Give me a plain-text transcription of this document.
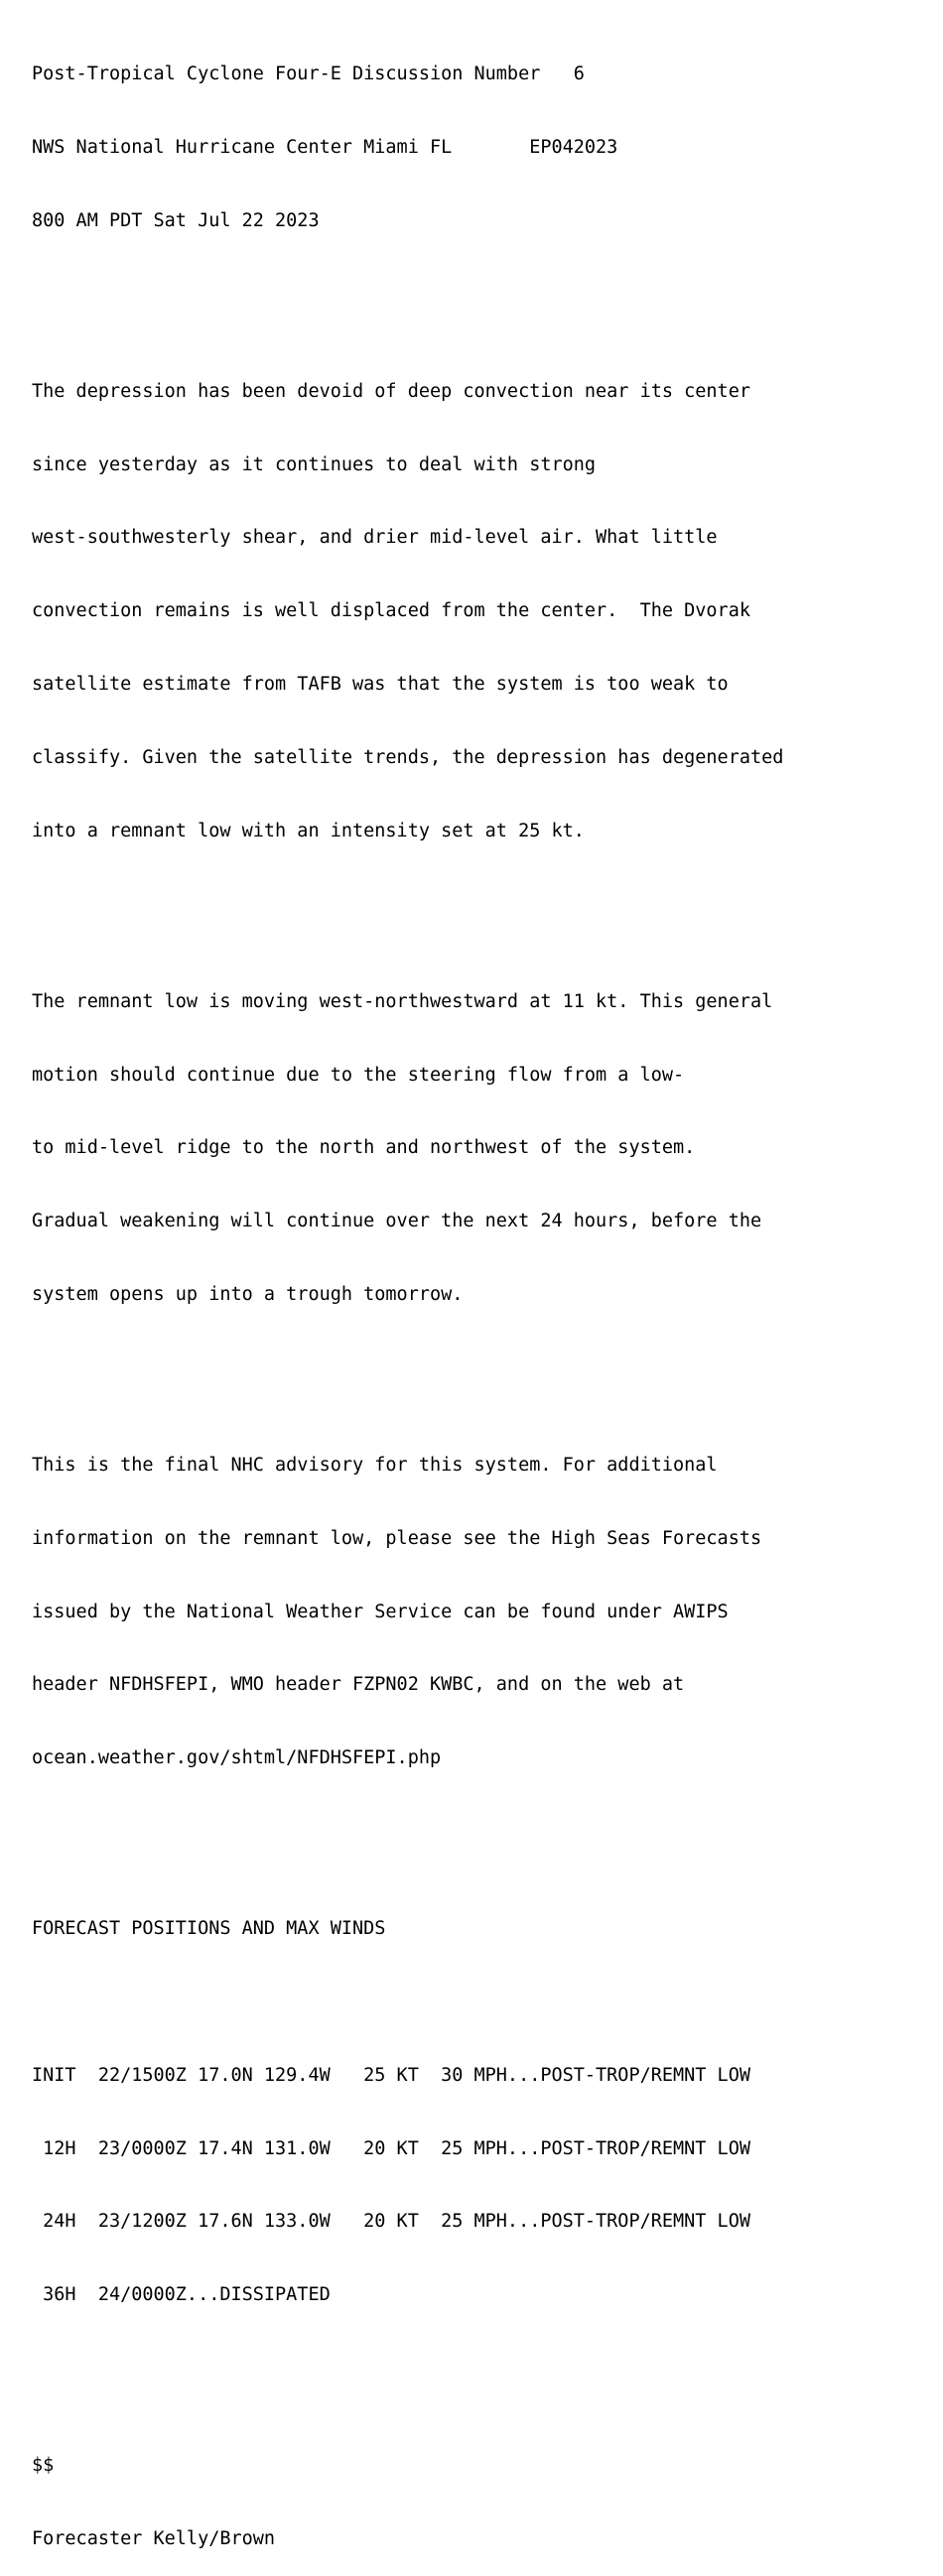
Post-Tropical Cyclone Four-E Discussion Number   6

NWS National Hurricane Center Miami FL       EP042023

800 AM PDT Sat Jul 22 2023

The depression has been devoid of deep convection near its center

since yesterday as it continues to deal with strong

west-southwesterly shear, and drier mid-level air. What little

convection remains is well displaced from the center.  The Dvorak

satellite estimate from TAFB was that the system is too weak to

classify. Given the satellite trends, the depression has degenerated

into a remnant low with an intensity set at 25 kt.

The remnant low is moving west-northwestward at 11 kt. This general

motion should continue due to the steering flow from a low-

to mid-level ridge to the north and northwest of the system.

Gradual weakening will continue over the next 24 hours, before the

system opens up into a trough tomorrow.

This is the final NHC advisory for this system. For additional

information on the remnant low, please see the High Seas Forecasts

issued by the National Weather Service can be found under AWIPS

header NFDHSFEPI, WMO header FZPN02 KWBC, and on the web at

ocean.weather.gov/shtml/NFDHSFEPI.php

FORECAST POSITIONS AND MAX WINDS

INIT  22/1500Z 17.0N 129.4W   25 KT  30 MPH...POST-TROP/REMNT LOW

12H  23/0000Z 17.4N 131.0W   20 KT  25 MPH...POST-TROP/REMNT LOW

24H  23/1200Z 17.6N 133.0W   20 KT  25 MPH...POST-TROP/REMNT LOW

36H  24/0000Z...DISSIPATED

$$

Forecaster Kelly/Brown
